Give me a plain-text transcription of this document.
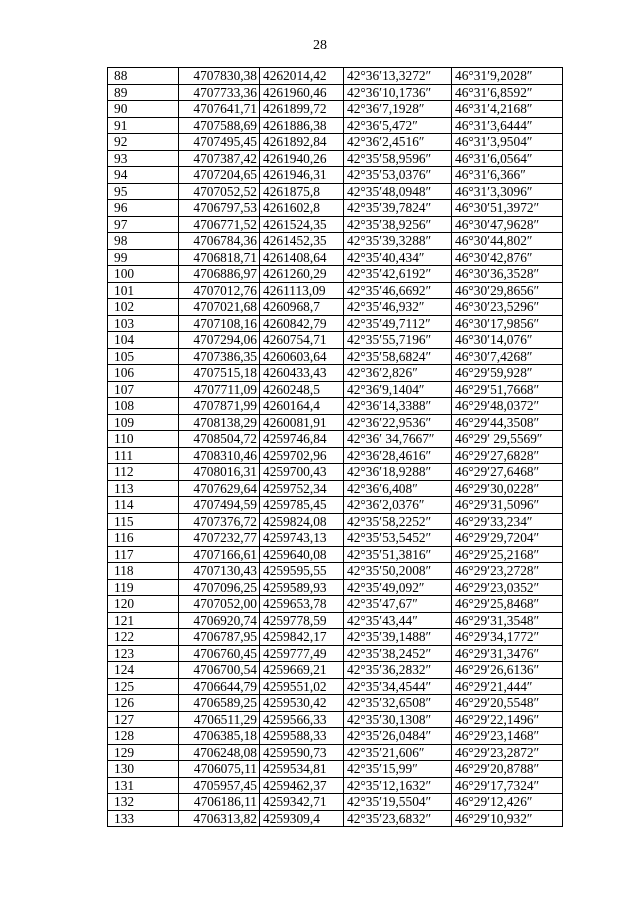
28
88	4707830,38	4262014,42	42°36′13,3272″	46°31′9,2028″
89	4707733,36	4261960,46	42°36′10,1736″	46°31′6,8592″
90	4707641,71	4261899,72	42°36′7,1928″	46°31′4,2168″
91	4707588,69	4261886,38	42°36′5,472″	46°31′3,6444″
92	4707495,45	4261892,84	42°36′2,4516″	46°31′3,9504″
93	4707387,42	4261940,26	42°35′58,9596″	46°31′6,0564″
94	4707204,65	4261946,31	42°35′53,0376″	46°31′6,366″
95	4707052,52	4261875,8	42°35′48,0948″	46°31′3,3096″
96	4706797,53	4261602,8	42°35′39,7824″	46°30′51,3972″
97	4706771,52	4261524,35	42°35′38,9256″	46°30′47,9628″
98	4706784,36	4261452,35	42°35′39,3288″	46°30′44,802″
99	4706818,71	4261408,64	42°35′40,434″	46°30′42,876″
100	4706886,97	4261260,29	42°35′42,6192″	46°30′36,3528″
101	4707012,76	4261113,09	42°35′46,6692″	46°30′29,8656″
102	4707021,68	4260968,7	42°35′46,932″	46°30′23,5296″
103	4707108,16	4260842,79	42°35′49,7112″	46°30′17,9856″
104	4707294,06	4260754,71	42°35′55,7196″	46°30′14,076″
105	4707386,35	4260603,64	42°35′58,6824″	46°30′7,4268″
106	4707515,18	4260433,43	42°36′2,826″	46°29′59,928″
107	4707711,09	4260248,5	42°36′9,1404″	46°29′51,7668″
108	4707871,99	4260164,4	42°36′14,3388″	46°29′48,0372″
109	4708138,29	4260081,91	42°36′22,9536″	46°29′44,3508″
110	4708504,72	4259746,84	42°36′ 34,7667″	46°29′ 29,5569″
111	4708310,46	4259702,96	42°36′28,4616″	46°29′27,6828″
112	4708016,31	4259700,43	42°36′18,9288″	46°29′27,6468″
113	4707629,64	4259752,34	42°36′6,408″	46°29′30,0228″
114	4707494,59	4259785,45	42°36′2,0376″	46°29′31,5096″
115	4707376,72	4259824,08	42°35′58,2252″	46°29′33,234″
116	4707232,77	4259743,13	42°35′53,5452″	46°29′29,7204″
117	4707166,61	4259640,08	42°35′51,3816″	46°29′25,2168″
118	4707130,43	4259595,55	42°35′50,2008″	46°29′23,2728″
119	4707096,25	4259589,93	42°35′49,092″	46°29′23,0352″
120	4707052,00	4259653,78	42°35′47,67″	46°29′25,8468″
121	4706920,74	4259778,59	42°35′43,44″	46°29′31,3548″
122	4706787,95	4259842,17	42°35′39,1488″	46°29′34,1772″
123	4706760,45	4259777,49	42°35′38,2452″	46°29′31,3476″
124	4706700,54	4259669,21	42°35′36,2832″	46°29′26,6136″
125	4706644,79	4259551,02	42°35′34,4544″	46°29′21,444″
126	4706589,25	4259530,42	42°35′32,6508″	46°29′20,5548″
127	4706511,29	4259566,33	42°35′30,1308″	46°29′22,1496″
128	4706385,18	4259588,33	42°35′26,0484″	46°29′23,1468″
129	4706248,08	4259590,73	42°35′21,606″	46°29′23,2872″
130	4706075,11	4259534,81	42°35′15,99″	46°29′20,8788″
131	4705957,45	4259462,37	42°35′12,1632″	46°29′17,7324″
132	4706186,11	4259342,71	42°35′19,5504″	46°29′12,426″
133	4706313,82	4259309,4	42°35′23,6832″	46°29′10,932″
